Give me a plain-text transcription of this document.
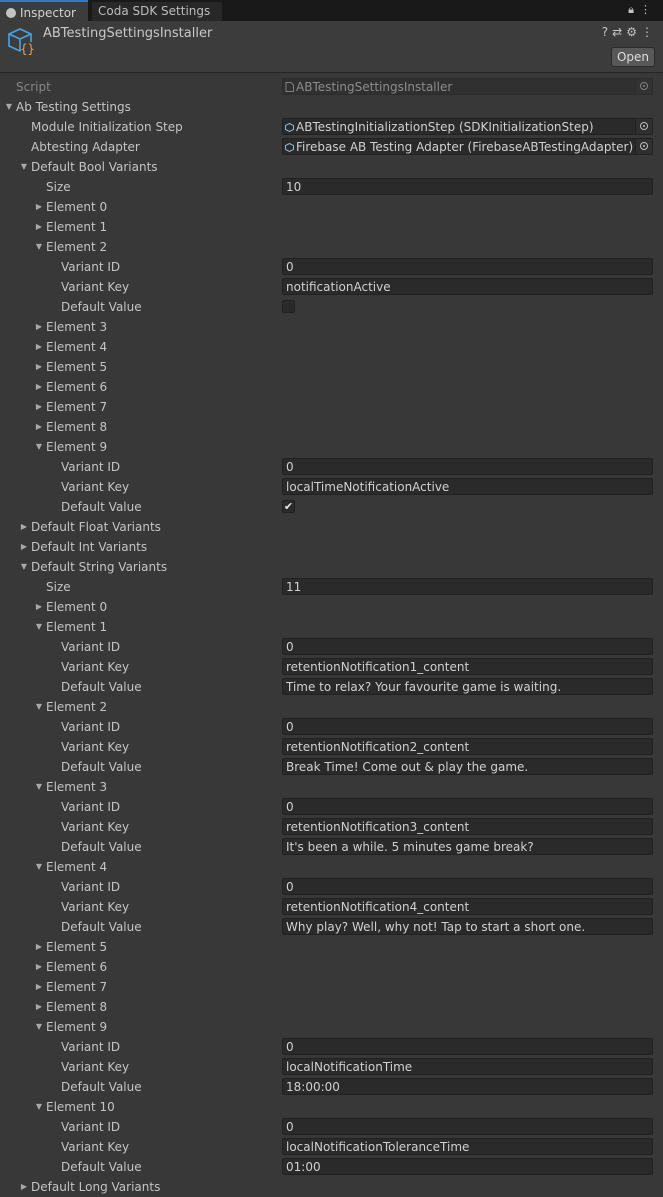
Inspector	Coda SDK Settings	🔒︎⋮
{}
ABTestingSettingsInstaller	?⇄⚙︎⋮
Open
Script	ABTestingSettingsInstaller
▼ Ab Testing Settings
Module Initialization Step	ABTestingInitializationStep (SDKInitializationStep)
Abtesting Adapter	Firebase AB Testing Adapter (FirebaseABTestingAdapter)
▼ Default Bool Variants
Size	10
▶ Element 0
▶ Element 1
▼ Element 2
Variant ID	0
Variant Key	notificationActive
Default Value
▶ Element 3
▶ Element 4
▶ Element 5
▶ Element 6
▶ Element 7
▶ Element 8
▼ Element 9
Variant ID	0
Variant Key	localTimeNotificationActive
Default Value	✔
▶ Default Float Variants
▶ Default Int Variants
▼ Default String Variants
Size	11
▶ Element 0
▼ Element 1
Variant ID	0
Variant Key	retentionNotification1_content
Default Value	Time to relax? Your favourite game is waiting.
▼ Element 2
Variant ID	0
Variant Key	retentionNotification2_content
Default Value	Break Time! Come out & play the game.
▼ Element 3
Variant ID	0
Variant Key	retentionNotification3_content
Default Value	It's been a while. 5 minutes game break?
▼ Element 4
Variant ID	0
Variant Key	retentionNotification4_content
Default Value	Why play? Well, why not! Tap to start a short one.
▶ Element 5
▶ Element 6
▶ Element 7
▶ Element 8
▼ Element 9
Variant ID	0
Variant Key	localNotificationTime
Default Value	18:00:00
▼ Element 10
Variant ID	0
Variant Key	localNotificationToleranceTime
Default Value	01:00
▶ Default Long Variants
